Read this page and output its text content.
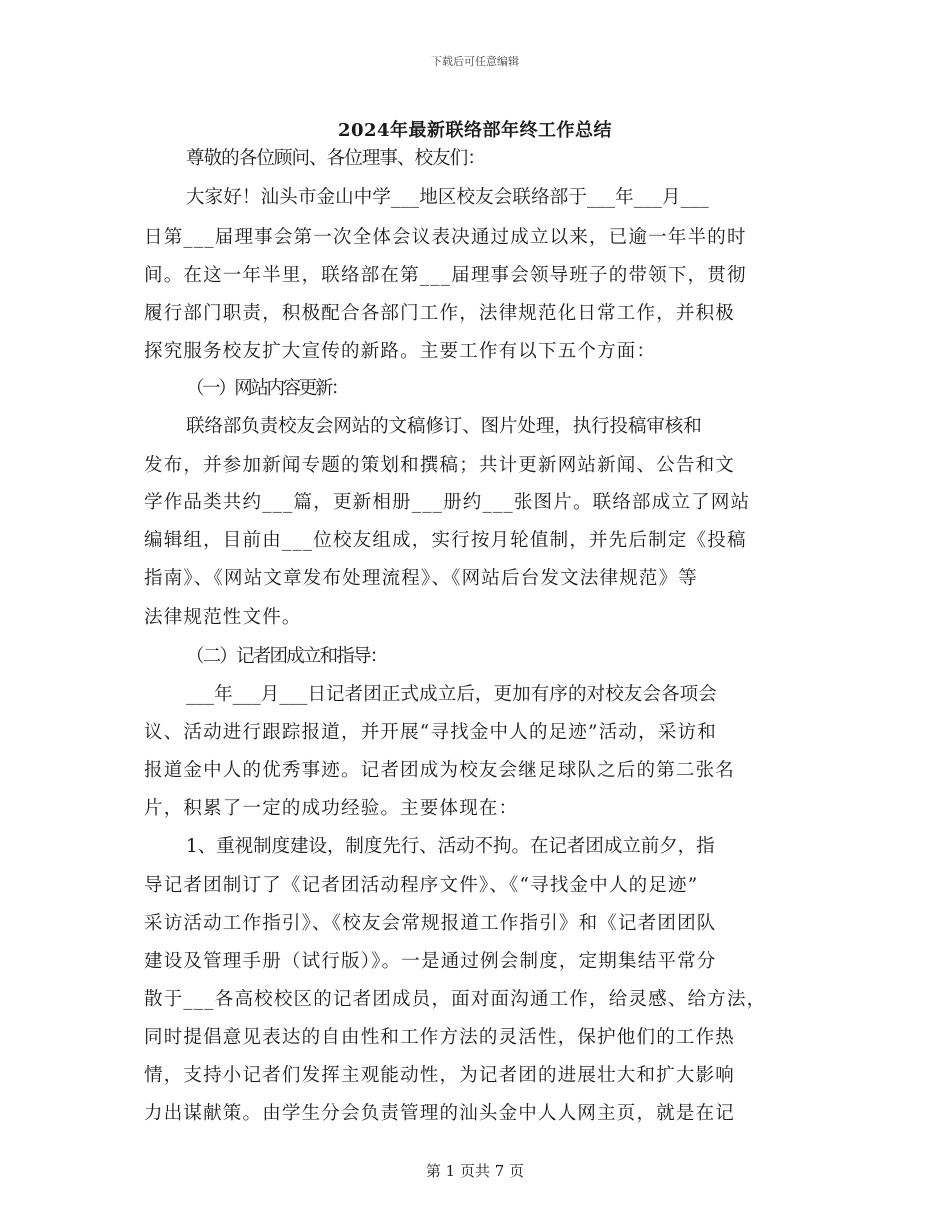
下载后可任意编辑
2024年最新联络部年终工作总结
尊敬的各位顾问、各位理事、校友们：
大家好！汕头市金山中学___地区校友会联络部于___年___月___
日第___届理事会第一次全体会议表决通过成立以来，已逾一年半的时
间。在这一年半里，联络部在第___届理事会领导班子的带领下，贯彻
履行部门职责，积极配合各部门工作，法律规范化日常工作，并积极
探究服务校友扩大宣传的新路。主要工作有以下五个方面：
（一）网站内容更新：
联络部负责校友会网站的文稿修订、图片处理，执行投稿审核和
发布，并参加新闻专题的策划和撰稿；共计更新网站新闻、公告和文
学作品类共约___篇，更新相册___册约___张图片。联络部成立了网站
编辑组，目前由___位校友组成，实行按月轮值制，并先后制定《投稿
指南》、《网站文章发布处理流程》、《网站后台发文法律规范》等
法律规范性文件。
（二）记者团成立和指导：
___年___月___日记者团正式成立后，更加有序的对校友会各项会
议、活动进行跟踪报道，并开展“寻找金中人的足迹”活动，采访和
报道金中人的优秀事迹。记者团成为校友会继足球队之后的第二张名
片，积累了一定的成功经验。主要体现在：
1、重视制度建设，制度先行、活动不拘。在记者团成立前夕，指
导记者团制订了《记者团活动程序文件》、《“寻找金中人的足迹”
采访活动工作指引》、《校友会常规报道工作指引》和《记者团团队
建设及管理手册（试行版）》。一是通过例会制度，定期集结平常分
散于___各高校校区的记者团成员，面对面沟通工作，给灵感、给方法，
同时提倡意见表达的自由性和工作方法的灵活性，保护他们的工作热
情，支持小记者们发挥主观能动性，为记者团的进展壮大和扩大影响
力出谋献策。由学生分会负责管理的汕头金中人人网主页，就是在记
第 1 页共 7 页
